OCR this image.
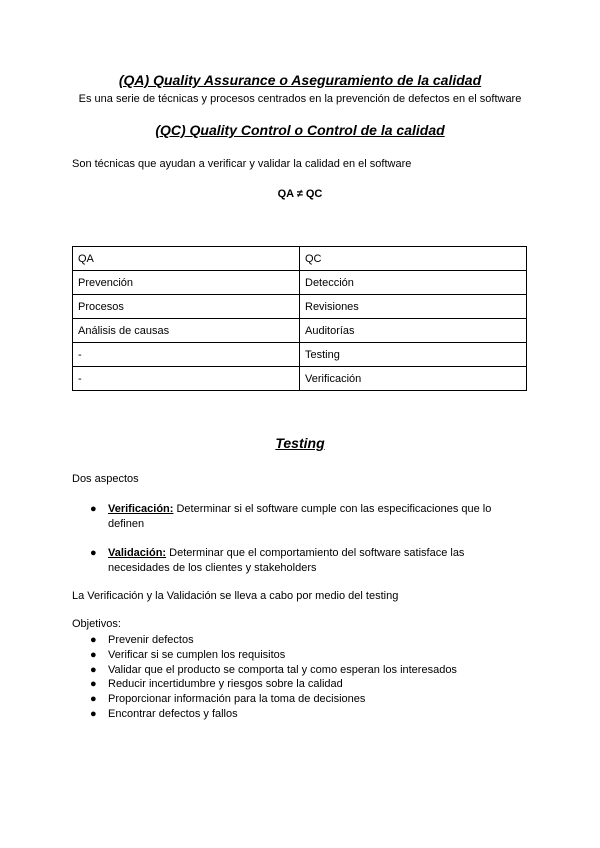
(QA) Quality Assurance o Aseguramiento de la calidad
Es una serie de técnicas y procesos centrados en la prevención de defectos en el software
(QC) Quality Control o Control de la calidad
Son técnicas que ayudan a verificar y validar la calidad en el software
QA ≠ QC
QA	QC
Prevención	Detección
Procesos	Revisiones
Análisis de causas	Auditorías
-	Testing
-	Verificación
Testing
Dos aspectos
● Verificación: Determinar si el software cumple con las especificaciones que lo definen
● Validación: Determinar que el comportamiento del software satisface las necesidades de los clientes y stakeholders
La Verificación y la Validación se lleva a cabo por medio del testing
Objetivos:
● Prevenir defectos
● Verificar si se cumplen los requisitos
● Validar que el producto se comporta tal y como esperan los interesados
● Reducir incertidumbre y riesgos sobre la calidad
● Proporcionar información para la toma de decisiones
● Encontrar defectos y fallos
